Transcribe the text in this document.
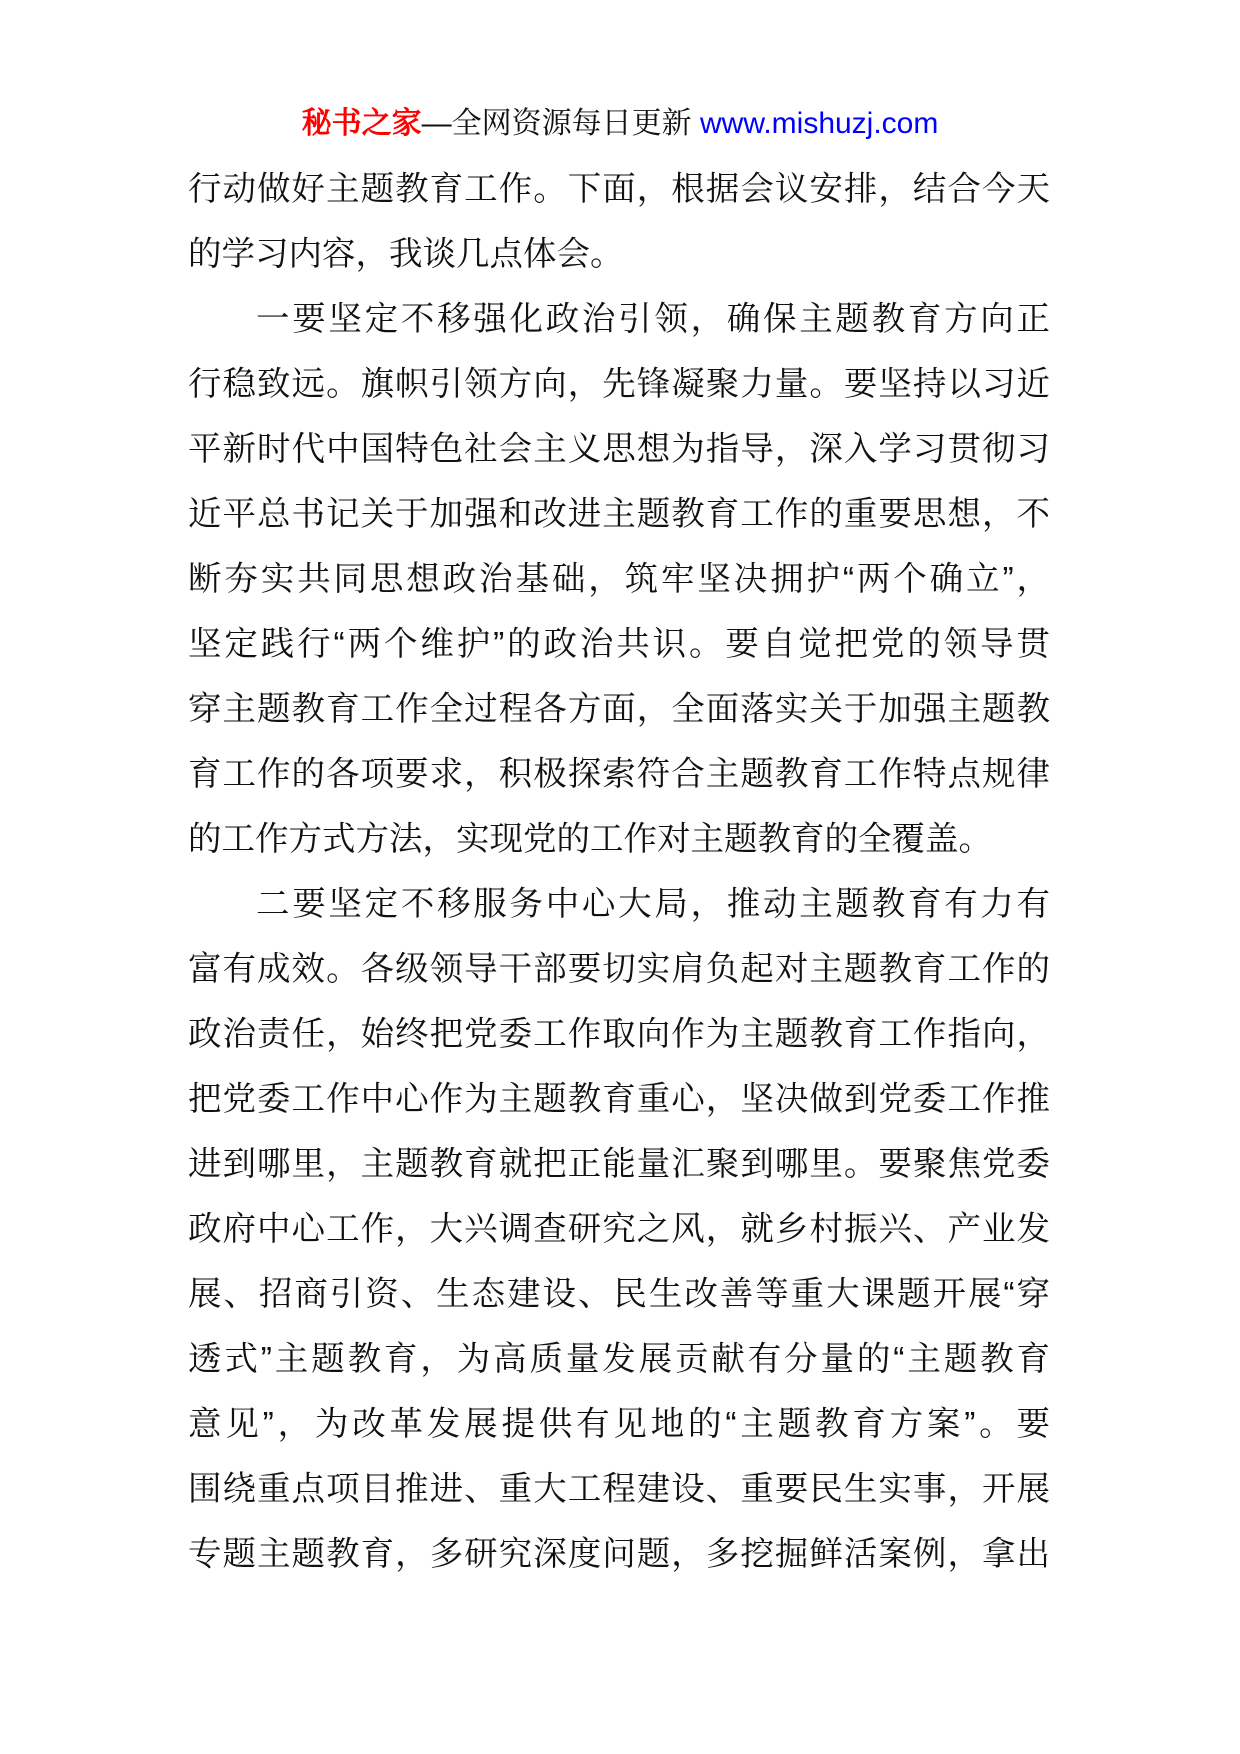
秘书之家—全网资源每日更新 www.mishuzj.com
行动做好主题教育工作。下面，根据会议安排，结合今天
的学习内容，我谈几点体会。
一要坚定不移强化政治引领，确保主题教育方向正
行稳致远。旗帜引领方向，先锋凝聚力量。要坚持以习近
平新时代中国特色社会主义思想为指导，深入学习贯彻习
近平总书记关于加强和改进主题教育工作的重要思想，不
断夯实共同思想政治基础，筑牢坚决拥护“两个确立”，
坚定践行“两个维护”的政治共识。要自觉把党的领导贯
穿主题教育工作全过程各方面，全面落实关于加强主题教
育工作的各项要求，积极探索符合主题教育工作特点规律
的工作方式方法，实现党的工作对主题教育的全覆盖。
二要坚定不移服务中心大局，推动主题教育有力有
富有成效。各级领导干部要切实肩负起对主题教育工作的
政治责任，始终把党委工作取向作为主题教育工作指向，
把党委工作中心作为主题教育重心，坚决做到党委工作推
进到哪里，主题教育就把正能量汇聚到哪里。要聚焦党委
政府中心工作，大兴调查研究之风，就乡村振兴、产业发
展、招商引资、生态建设、民生改善等重大课题开展“穿
透式”主题教育，为高质量发展贡献有分量的“主题教育
意见”，为改革发展提供有见地的“主题教育方案”。要
围绕重点项目推进、重大工程建设、重要民生实事，开展
专题主题教育，多研究深度问题，多挖掘鲜活案例，拿出
